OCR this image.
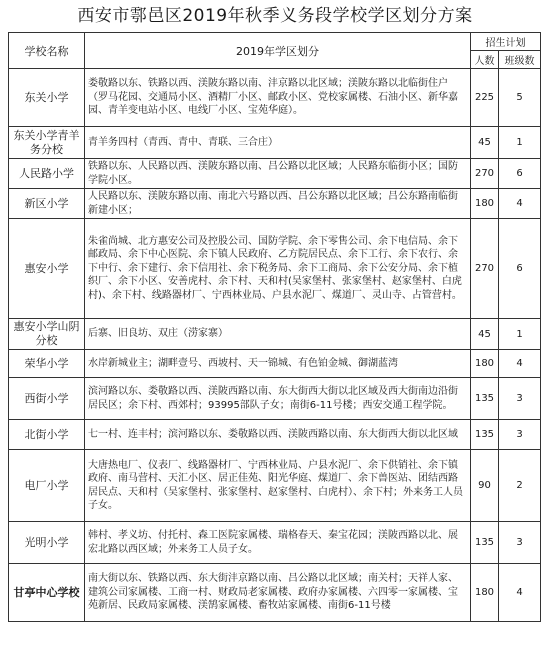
西安市鄠邑区2019年秋季义务段学校学区划分方案
学校名称	2019年学区划分	招生计划	
		人数	班级数
东关小学	娄敬路以东、铁路以西、渼陂东路以南、沣京路以北区域；渼陂东路以北临街住户（罗马花园、交通局小区、酒精厂小区、邮政小区、党校家属楼、石油小区、新华嘉园、青羊变电站小区、电线厂小区、宝苑华庭）。	225	5
东关小学青羊务分校	青羊务四村（青西、青中、青联、三合庄）	45	1
人民路小学	铁路以东、人民路以西、渼陂东路以南、吕公路以北区域；人民路东临街小区；国防学院小区。	270	6
新区小学	人民路以东、渼陂东路以南、南北六号路以西、吕公东路以北区域；吕公东路南临街新建小区；	180	4
惠安小学	朱雀尚城、北方惠安公司及控股公司、国防学院、余下零售公司、余下电信局、余下邮政局、余下中心医院、余下镇人民政府、乙方院居民点、余下工行、余下农行、余下中行、余下建行、余下信用社、余下税务局、余下工商局、余下公安分局、余下植织厂、余下小区、安善虎村、余下村、天和村(吴家堡村、张家堡村、赵家堡村、白虎村)、余下村、线路器材厂、宁西林业局、户县水泥厂、煤道厂、灵山寺、占管营村。	270	6
惠安小学山阴分校	后寨、旧良坊、双庄（涝家寨）	45	1
荣华小学	水岸新城业主；湖畔壹号、西坡村、天一锦城、有色铂金城、御湖蓝湾	180	4
西街小学	滨河路以东、娄敬路以西、渼陂西路以南、东大街西大街以北区域及西大街南边沿街居民区；余下村、西郊村；93995部队子女；南街6-11号楼；西安交通工程学院。	135	3
北街小学	七一村、连丰村；滨河路以东、娄敬路以西、渼陂西路以南、东大街西大街以北区域	135	3
电厂小学	大唐热电厂、仪表厂、线路器材厂、宁西林业局、户县水泥厂、余下供销社、余下镇政府、南马营村、天汇小区、居正佳苑、阳光华庭、煤道厂、余下兽医站、团结西路居民点、天和村（吴家堡村、张家堡村、赵家堡村、白虎村）、余下村；外来务工人员子女。	90	2
光明小学	韩村、孝义坊、付托村、森工医院家属楼、瑞格春天、秦宝花园；渼陂西路以北、展宏北路以西区域；外来务工人员子女。	135	3
甘亭中心学校	南大街以东、铁路以西、东大街沣京路以南、吕公路以北区域；南关村；天祥人家、建筑公司家属楼、工商一村、财政局老家属楼、政府办家属楼、六四零一家属楼、宝苑新居、民政局家属楼、渼鹄家属楼、畜牧站家属楼、南街6-11号楼	180	4
